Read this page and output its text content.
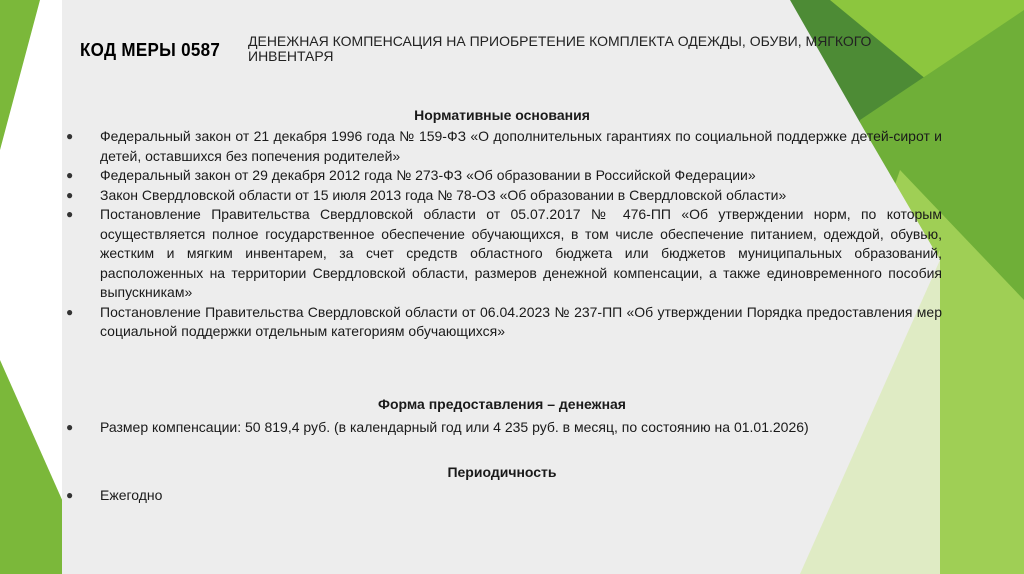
КОД МЕРЫ 0587 ДЕНЕЖНАЯ КОМПЕНСАЦИЯ НА ПРИОБРЕТЕНИЕ КОМПЛЕКТА ОДЕЖДЫ, ОБУВИ, МЯГКОГО ИНВЕНТАРЯ
Нормативные основания
● Федеральный закон от 21 декабря 1996 года № 159-ФЗ «О дополнительных гарантиях по социальной поддержке детей-сирот и детей, оставшихся без попечения родителей»
● Федеральный закон от 29 декабря 2012 года № 273-ФЗ «Об образовании в Российской Федерации»
● Закон Свердловской области от 15 июля 2013 года № 78-ОЗ «Об образовании в Свердловской области»
● Постановление Правительства Свердловской области от 05.07.2017 № 476-ПП «Об утверждении норм, по которым осуществляется полное государственное обеспечение обучающихся, в том числе обеспечение питанием, одеждой, обувью, жестким и мягким инвентарем, за счет средств областного бюджета или бюджетов муниципальных образований, расположенных на территории Свердловской области, размеров денежной компенсации, а также единовременного пособия выпускникам»
● Постановление Правительства Свердловской области от 06.04.2023 № 237-ПП «Об утверждении Порядка предоставления мер социальной поддержки отдельным категориям обучающихся»
Форма предоставления – денежная
● Размер компенсации: 50 819,4 руб. (в календарный год или 4 235 руб. в месяц, по состоянию на 01.01.2026)
Периодичность
● Ежегодно
